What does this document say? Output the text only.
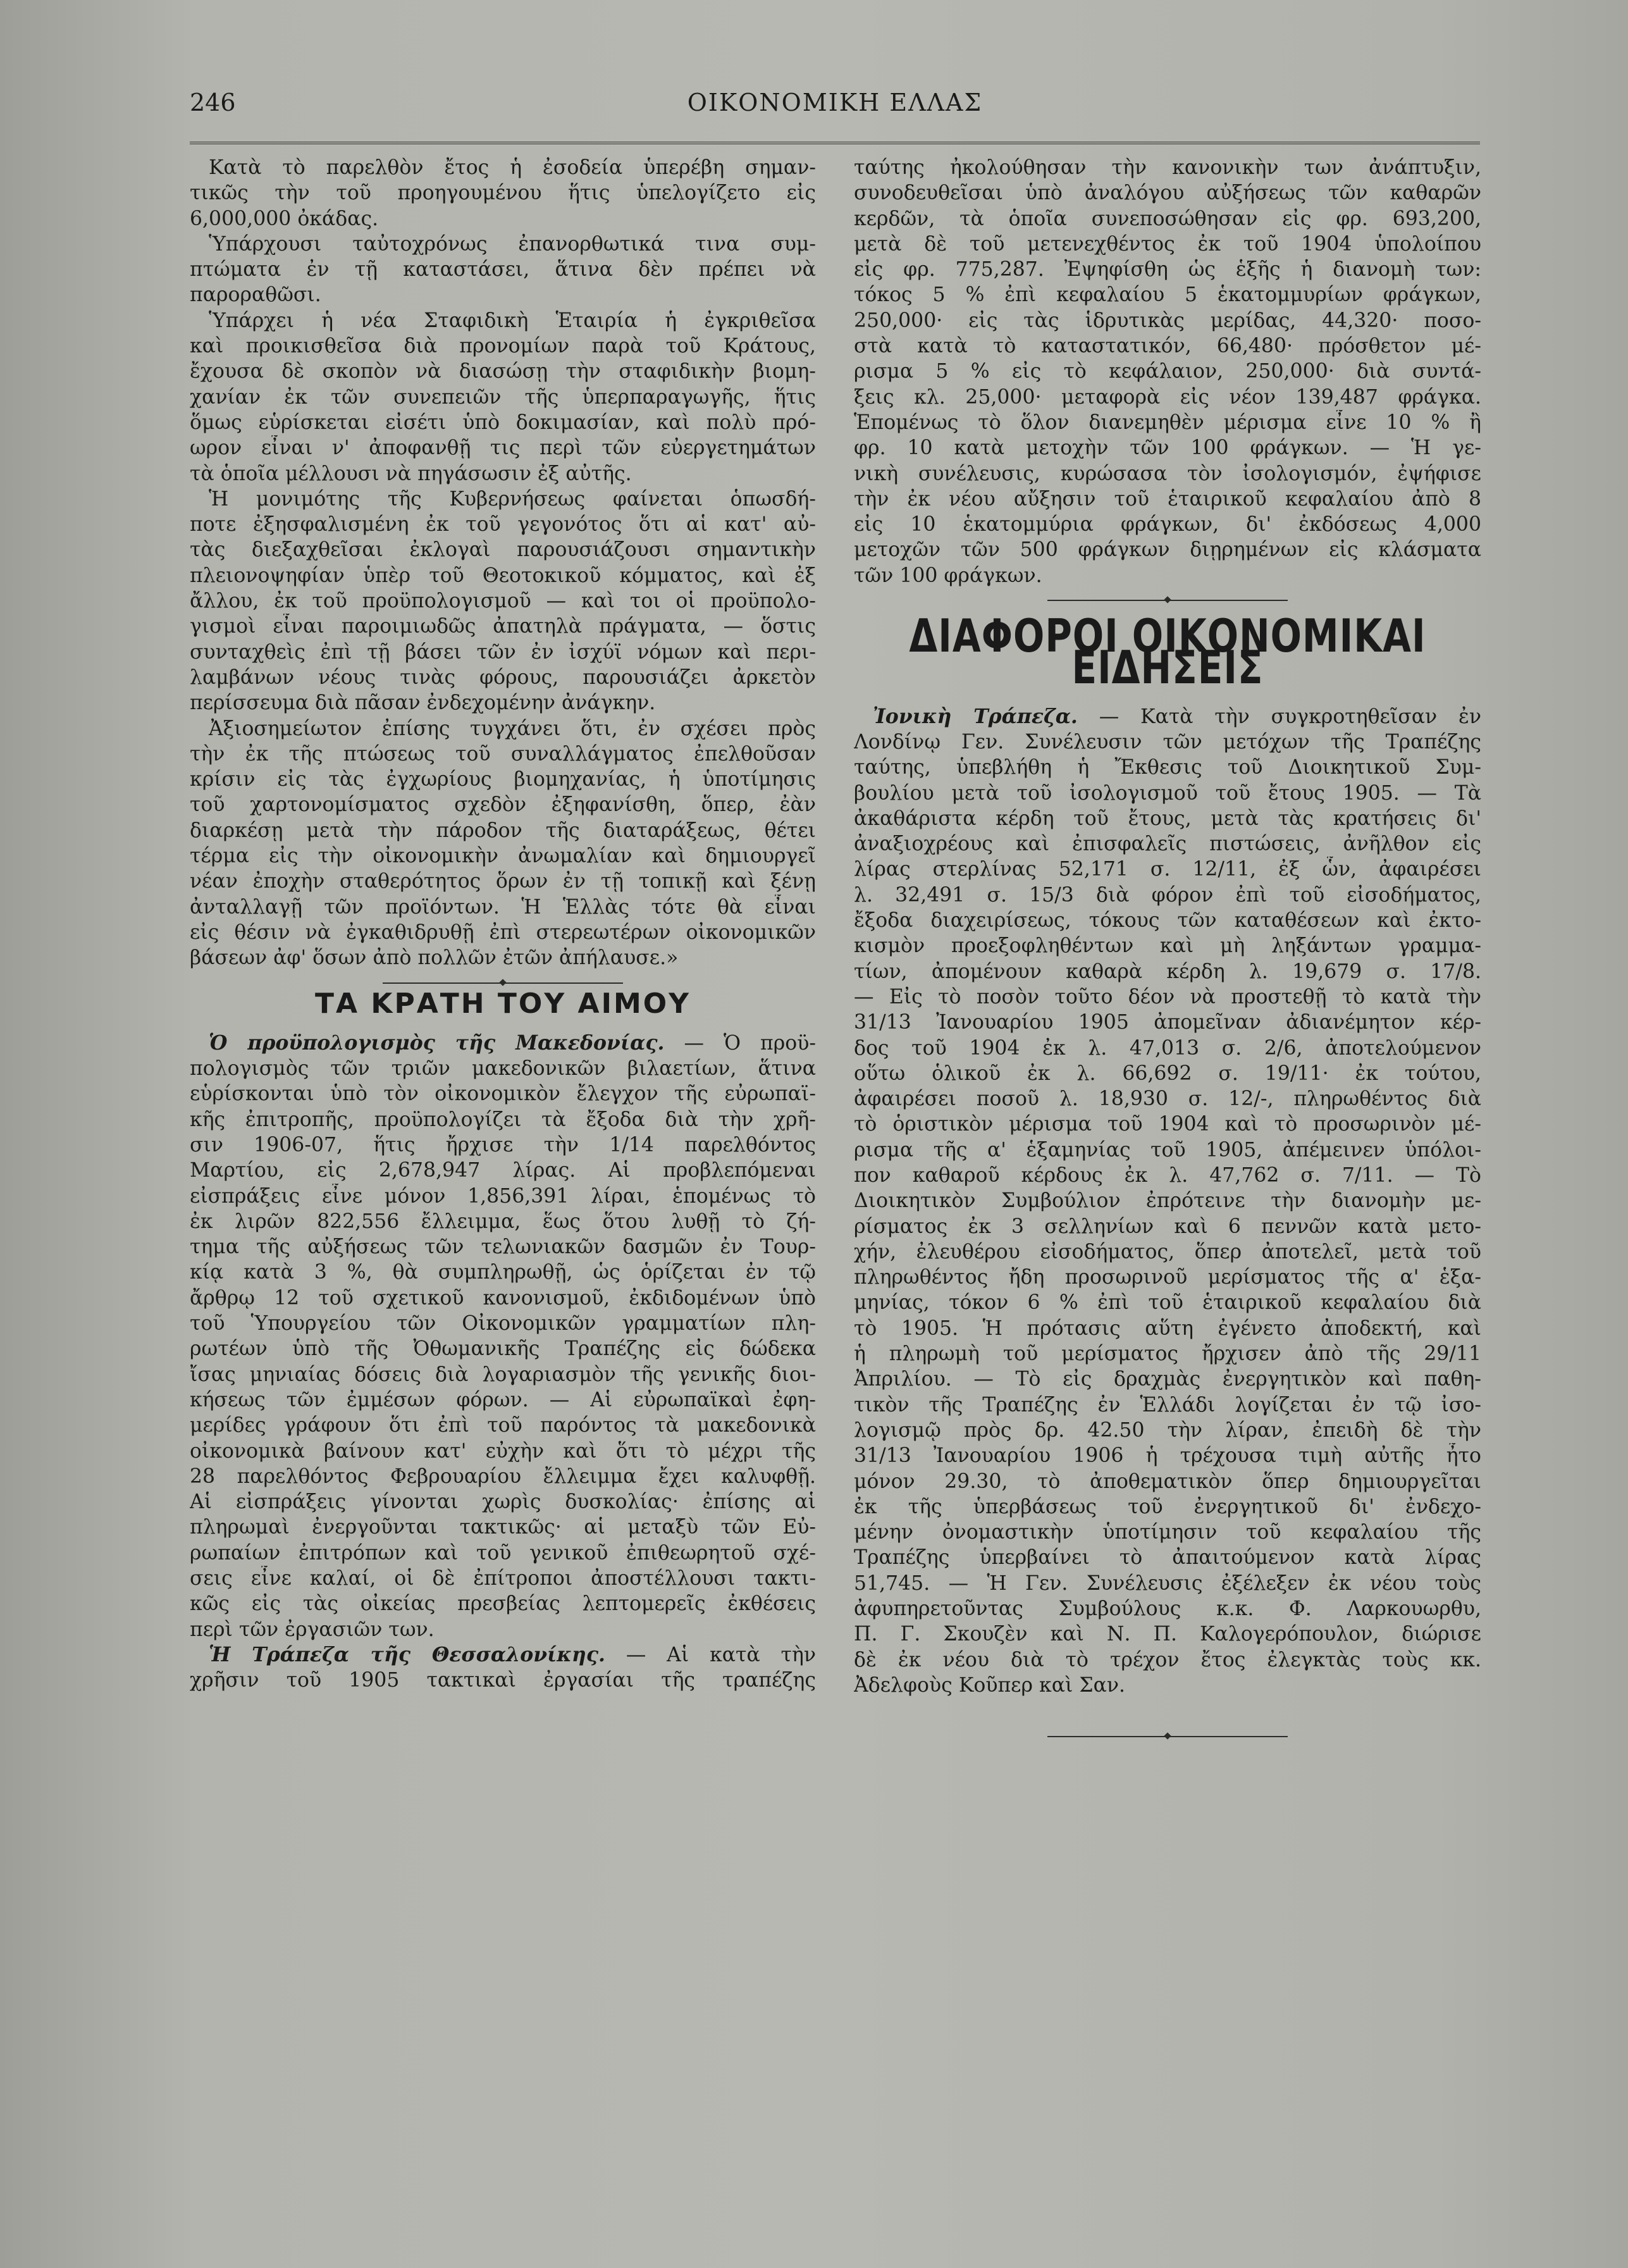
246	ΟΙΚΟΝΟΜΙΚΗ ΕΛΛΑΣ

Κατὰ τὸ παρελθὸν ἔτος ἡ ἐσοδεία ὑπερέβη σημαν-
τικῶς τὴν τοῦ προηγουμένου ἥτις ὑπελογίζετο εἰς
6,000,000 ὀκάδας.

Ὑπάρχουσι ταὐτοχρόνως ἐπανορθωτικά τινα συμ-
πτώματα ἐν τῇ καταστάσει, ἅτινα δὲν πρέπει νὰ
παροραθῶσι.

Ὑπάρχει ἡ νέα Σταφιδικὴ Ἑταιρία ἡ ἐγκριθεῖσα
καὶ προικισθεῖσα διὰ προνομίων παρὰ τοῦ Κράτους,
ἔχουσα δὲ σκοπὸν νὰ διασώσῃ τὴν σταφιδικὴν βιομη-
χανίαν ἐκ τῶν συνεπειῶν τῆς ὑπερπαραγωγῆς, ἥτις
ὅμως εὑρίσκεται εἰσέτι ὑπὸ δοκιμασίαν, καὶ πολὺ πρό-
ωρον εἶναι ν' ἀποφανθῇ τις περὶ τῶν εὐεργετημάτων
τὰ ὁποῖα μέλλουσι νὰ πηγάσωσιν ἐξ αὐτῆς.

Ἡ μονιμότης τῆς Κυβερνήσεως φαίνεται ὁπωσδή-
ποτε ἐξησφαλισμένη ἐκ τοῦ γεγονότος ὅτι αἱ κατ' αὐ-
τὰς διεξαχθεῖσαι ἐκλογαὶ παρουσιάζουσι σημαντικὴν
πλειονοψηφίαν ὑπὲρ τοῦ Θεοτοκικοῦ κόμματος, καὶ ἐξ
ἄλλου, ἐκ τοῦ προϋπολογισμοῦ — καὶ τοι οἱ προϋπολο-
γισμοὶ εἶναι παροιμιωδῶς ἀπατηλὰ πράγματα, — ὅστις
συνταχθεὶς ἐπὶ τῇ βάσει τῶν ἐν ἰσχύϊ νόμων καὶ περι-
λαμβάνων νέους τινὰς φόρους, παρουσιάζει ἀρκετὸν
περίσσευμα διὰ πᾶσαν ἐνδεχομένην ἀνάγκην.

Ἀξιοσημείωτον ἐπίσης τυγχάνει ὅτι, ἐν σχέσει πρὸς
τὴν ἐκ τῆς πτώσεως τοῦ συναλλάγματος ἐπελθοῦσαν
κρίσιν εἰς τὰς ἐγχωρίους βιομηχανίας, ἡ ὑποτίμησις
τοῦ χαρτονομίσματος σχεδὸν ἐξηφανίσθη, ὅπερ, ἐὰν
διαρκέσῃ μετὰ τὴν πάροδον τῆς διαταράξεως, θέτει
τέρμα εἰς τὴν οἰκονομικὴν ἀνωμαλίαν καὶ δημιουργεῖ
νέαν ἐποχὴν σταθερότητος ὅρων ἐν τῇ τοπικῇ καὶ ξένῃ
ἀνταλλαγῇ τῶν προϊόντων. Ἡ Ἑλλὰς τότε θὰ εἶναι
εἰς θέσιν νὰ ἐγκαθιδρυθῇ ἐπὶ στερεωτέρων οἰκονομικῶν
βάσεων ἀφ' ὅσων ἀπὸ πολλῶν ἐτῶν ἀπήλαυσε.»

ΤΑ ΚΡΑΤΗ ΤΟΥ ΑΙΜΟΥ

Ὁ προϋπολογισμὸς τῆς Μακεδονίας. — Ὁ προϋ-
πολογισμὸς τῶν τριῶν μακεδονικῶν βιλαετίων, ἅτινα
εὑρίσκονται ὑπὸ τὸν οἰκονομικὸν ἔλεγχον τῆς εὐρωπαϊ-
κῆς ἐπιτροπῆς, προϋπολογίζει τὰ ἔξοδα διὰ τὴν χρῆ-
σιν 1906-07, ἥτις ἤρχισε τὴν 1/14 παρελθόντος
Μαρτίου, εἰς 2,678,947 λίρας. Αἱ προβλεπόμεναι
εἰσπράξεις εἶνε μόνον 1,856,391 λίραι, ἑπομένως τὸ
ἐκ λιρῶν 822,556 ἔλλειμμα, ἕως ὅτου λυθῇ τὸ ζή-
τημα τῆς αὐξήσεως τῶν τελωνιακῶν δασμῶν ἐν Τουρ-
κίᾳ κατὰ 3 %, θὰ συμπληρωθῇ, ὡς ὁρίζεται ἐν τῷ
ἄρθρῳ 12 τοῦ σχετικοῦ κανονισμοῦ, ἐκδιδομένων ὑπὸ
τοῦ Ὑπουργείου τῶν Οἰκονομικῶν γραμματίων πλη-
ρωτέων ὑπὸ τῆς Ὀθωμανικῆς Τραπέζης εἰς δώδεκα
ἴσας μηνιαίας δόσεις διὰ λογαριασμὸν τῆς γενικῆς διοι-
κήσεως τῶν ἐμμέσων φόρων. — Αἱ εὐρωπαϊκαὶ ἐφη-
μερίδες γράφουν ὅτι ἐπὶ τοῦ παρόντος τὰ μακεδονικὰ
οἰκονομικὰ βαίνουν κατ' εὐχὴν καὶ ὅτι τὸ μέχρι τῆς
28 παρελθόντος Φεβρουαρίου ἔλλειμμα ἔχει καλυφθῇ.
Αἱ εἰσπράξεις γίνονται χωρὶς δυσκολίας· ἐπίσης αἱ
πληρωμαὶ ἐνεργοῦνται τακτικῶς· αἱ μεταξὺ τῶν Εὐ-
ρωπαίων ἐπιτρόπων καὶ τοῦ γενικοῦ ἐπιθεωρητοῦ σχέ-
σεις εἶνε καλαί, οἱ δὲ ἐπίτροποι ἀποστέλλουσι τακτι-
κῶς εἰς τὰς οἰκείας πρεσβείας λεπτομερεῖς ἐκθέσεις
περὶ τῶν ἐργασιῶν των.

Ἡ Τράπεζα τῆς Θεσσαλονίκης. — Αἱ κατὰ τὴν
χρῆσιν τοῦ 1905 τακτικαὶ ἐργασίαι τῆς τραπέζης

ταύτης ἠκολούθησαν τὴν κανονικὴν των ἀνάπτυξιν,
συνοδευθεῖσαι ὑπὸ ἀναλόγου αὐξήσεως τῶν καθαρῶν
κερδῶν, τὰ ὁποῖα συνεποσώθησαν εἰς φρ. 693,200,
μετὰ δὲ τοῦ μετενεχθέντος ἐκ τοῦ 1904 ὑπολοίπου
εἰς φρ. 775,287. Ἐψηφίσθη ὡς ἑξῆς ἡ διανομὴ των:
τόκος 5 % ἐπὶ κεφαλαίου 5 ἑκατομμυρίων φράγκων,
250,000· εἰς τὰς ἱδρυτικὰς μερίδας, 44,320· ποσο-
στὰ κατὰ τὸ καταστατικόν, 66,480· πρόσθετον μέ-
ρισμα 5 % εἰς τὸ κεφάλαιον, 250,000· διὰ συντά-
ξεις κλ. 25,000· μεταφορὰ εἰς νέον 139,487 φράγκα.
Ἑπομένως τὸ ὅλον διανεμηθὲν μέρισμα εἶνε 10 % ἢ
φρ. 10 κατὰ μετοχὴν τῶν 100 φράγκων. — Ἡ γε-
νικὴ συνέλευσις, κυρώσασα τὸν ἰσολογισμόν, ἐψήφισε
τὴν ἐκ νέου αὔξησιν τοῦ ἑταιρικοῦ κεφαλαίου ἀπὸ 8
εἰς 10 ἑκατομμύρια φράγκων, δι' ἐκδόσεως 4,000
μετοχῶν τῶν 500 φράγκων διῃρημένων εἰς κλάσματα
τῶν 100 φράγκων.

ΔΙΑΦΟΡΟΙ ΟΙΚΟΝΟΜΙΚΑΙ ΕΙΔΗΣΕΙΣ

Ἰονικὴ Τράπεζα. — Κατὰ τὴν συγκροτηθεῖσαν ἐν
Λονδίνῳ Γεν. Συνέλευσιν τῶν μετόχων τῆς Τραπέζης
ταύτης, ὑπεβλήθη ἡ Ἔκθεσις τοῦ Διοικητικοῦ Συμ-
βουλίου μετὰ τοῦ ἰσολογισμοῦ τοῦ ἔτους 1905. — Τὰ
ἀκαθάριστα κέρδη τοῦ ἔτους, μετὰ τὰς κρατήσεις δι'
ἀναξιοχρέους καὶ ἐπισφαλεῖς πιστώσεις, ἀνῆλθον εἰς
λίρας στερλίνας 52,171 σ. 12/11, ἐξ ὧν, ἀφαιρέσει
λ. 32,491 σ. 15/3 διὰ φόρον ἐπὶ τοῦ εἰσοδήματος,
ἔξοδα διαχειρίσεως, τόκους τῶν καταθέσεων καὶ ἐκτο-
κισμὸν προεξοφληθέντων καὶ μὴ ληξάντων γραμμα-
τίων, ἀπομένουν καθαρὰ κέρδη λ. 19,679 σ. 17/8.
— Εἰς τὸ ποσὸν τοῦτο δέον νὰ προστεθῇ τὸ κατὰ τὴν
31/13 Ἰανουαρίου 1905 ἀπομεῖναν ἀδιανέμητον κέρ-
δος τοῦ 1904 ἐκ λ. 47,013 σ. 2/6, ἀποτελούμενον
οὕτω ὁλικοῦ ἐκ λ. 66,692 σ. 19/11· ἐκ τούτου,
ἀφαιρέσει ποσοῦ λ. 18,930 σ. 12/-, πληρωθέντος διὰ
τὸ ὁριστικὸν μέρισμα τοῦ 1904 καὶ τὸ προσωρινὸν μέ-
ρισμα τῆς α' ἑξαμηνίας τοῦ 1905, ἀπέμεινεν ὑπόλοι-
πον καθαροῦ κέρδους ἐκ λ. 47,762 σ. 7/11. — Τὸ
Διοικητικὸν Συμβούλιον ἐπρότεινε τὴν διανομὴν με-
ρίσματος ἐκ 3 σελληνίων καὶ 6 πεννῶν κατὰ μετο-
χήν, ἐλευθέρου εἰσοδήματος, ὅπερ ἀποτελεῖ, μετὰ τοῦ
πληρωθέντος ἤδη προσωρινοῦ μερίσματος τῆς α' ἑξα-
μηνίας, τόκον 6 % ἐπὶ τοῦ ἑταιρικοῦ κεφαλαίου διὰ
τὸ 1905. Ἡ πρότασις αὕτη ἐγένετο ἀποδεκτή, καὶ
ἡ πληρωμὴ τοῦ μερίσματος ἤρχισεν ἀπὸ τῆς 29/11
Ἀπριλίου. — Τὸ εἰς δραχμὰς ἐνεργητικὸν καὶ παθη-
τικὸν τῆς Τραπέζης ἐν Ἑλλάδι λογίζεται ἐν τῷ ἰσο-
λογισμῷ πρὸς δρ. 42.50 τὴν λίραν, ἐπειδὴ δὲ τὴν
31/13 Ἰανουαρίου 1906 ἡ τρέχουσα τιμὴ αὐτῆς ἦτο
μόνον 29.30, τὸ ἀποθεματικὸν ὅπερ δημιουργεῖται
ἐκ τῆς ὑπερβάσεως τοῦ ἐνεργητικοῦ δι' ἐνδεχο-
μένην ὀνομαστικὴν ὑποτίμησιν τοῦ κεφαλαίου τῆς
Τραπέζης ὑπερβαίνει τὸ ἀπαιτούμενον κατὰ λίρας
51,745. — Ἡ Γεν. Συνέλευσις ἐξέλεξεν ἐκ νέου τοὺς
ἀφυπηρετοῦντας Συμβούλους κ.κ. Φ. Λαρκουωρθυ,
Π. Γ. Σκουζὲν καὶ Ν. Π. Καλογερόπουλον, διώρισε
δὲ ἐκ νέου διὰ τὸ τρέχον ἔτος ἐλεγκτὰς τοὺς κκ.
Ἀδελφοὺς Κοῦπερ καὶ Σαν.
